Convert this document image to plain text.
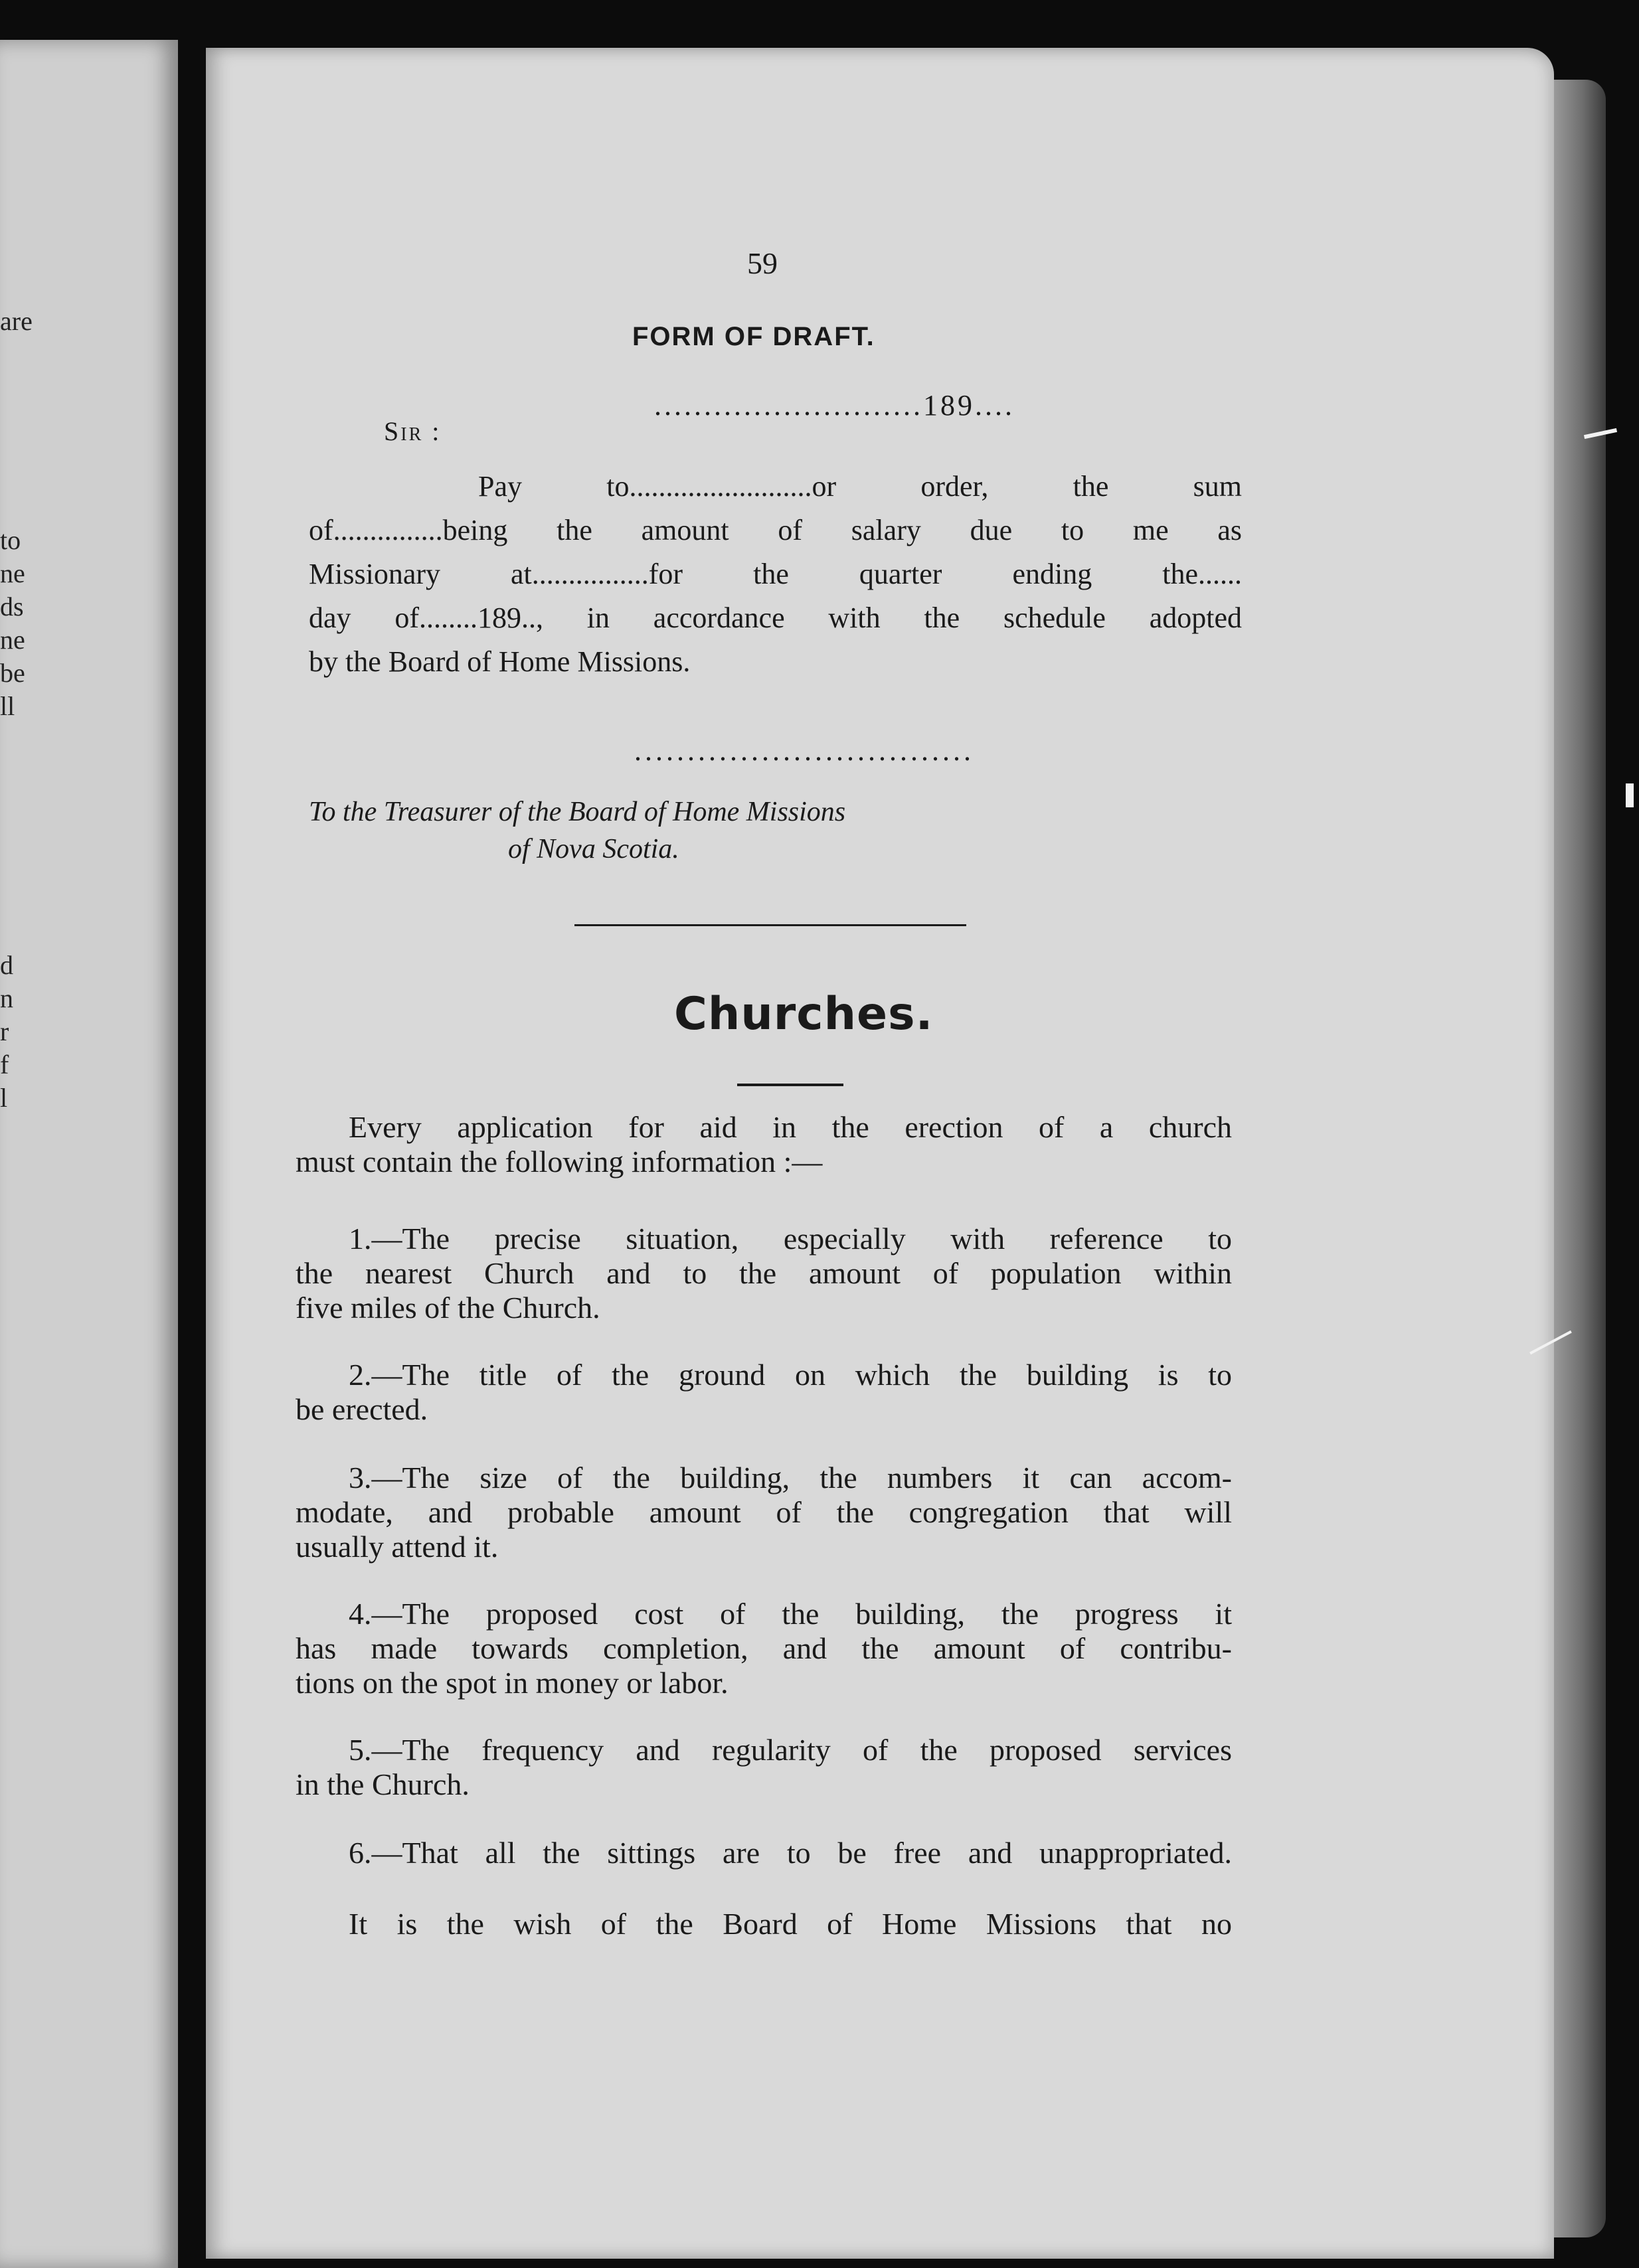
are
to
ne
ds
ne
be
ll
d
n
r
f
l
59
FORM OF DRAFT.
...........................189....
Sir :
Pay to.........................or order, the sum
of...............being the amount of salary due to me as
Missionary at................for the quarter ending the......
day of........189.., in accordance with the schedule adopted
by the Board of Home Missions.
................................
To the Treasurer of the Board of Home Missions
of Nova Scotia.
Churches.
Every application for aid in the erection of a church
must contain the following information :—
1.—The precise situation, especially with reference to
the nearest Church and to the amount of population within
five miles of the Church.
2.—The title of the ground on which the building is to
be erected.
3.—The size of the building, the numbers it can accom-
modate, and probable amount of the congregation that will
usually attend it.
4.—The proposed cost of the building, the progress it
has made towards completion, and the amount of contribu-
tions on the spot in money or labor.
5.—The frequency and regularity of the proposed services
in the Church.
6.—That all the sittings are to be free and unappropriated.
It is the wish of the Board of Home Missions that no
